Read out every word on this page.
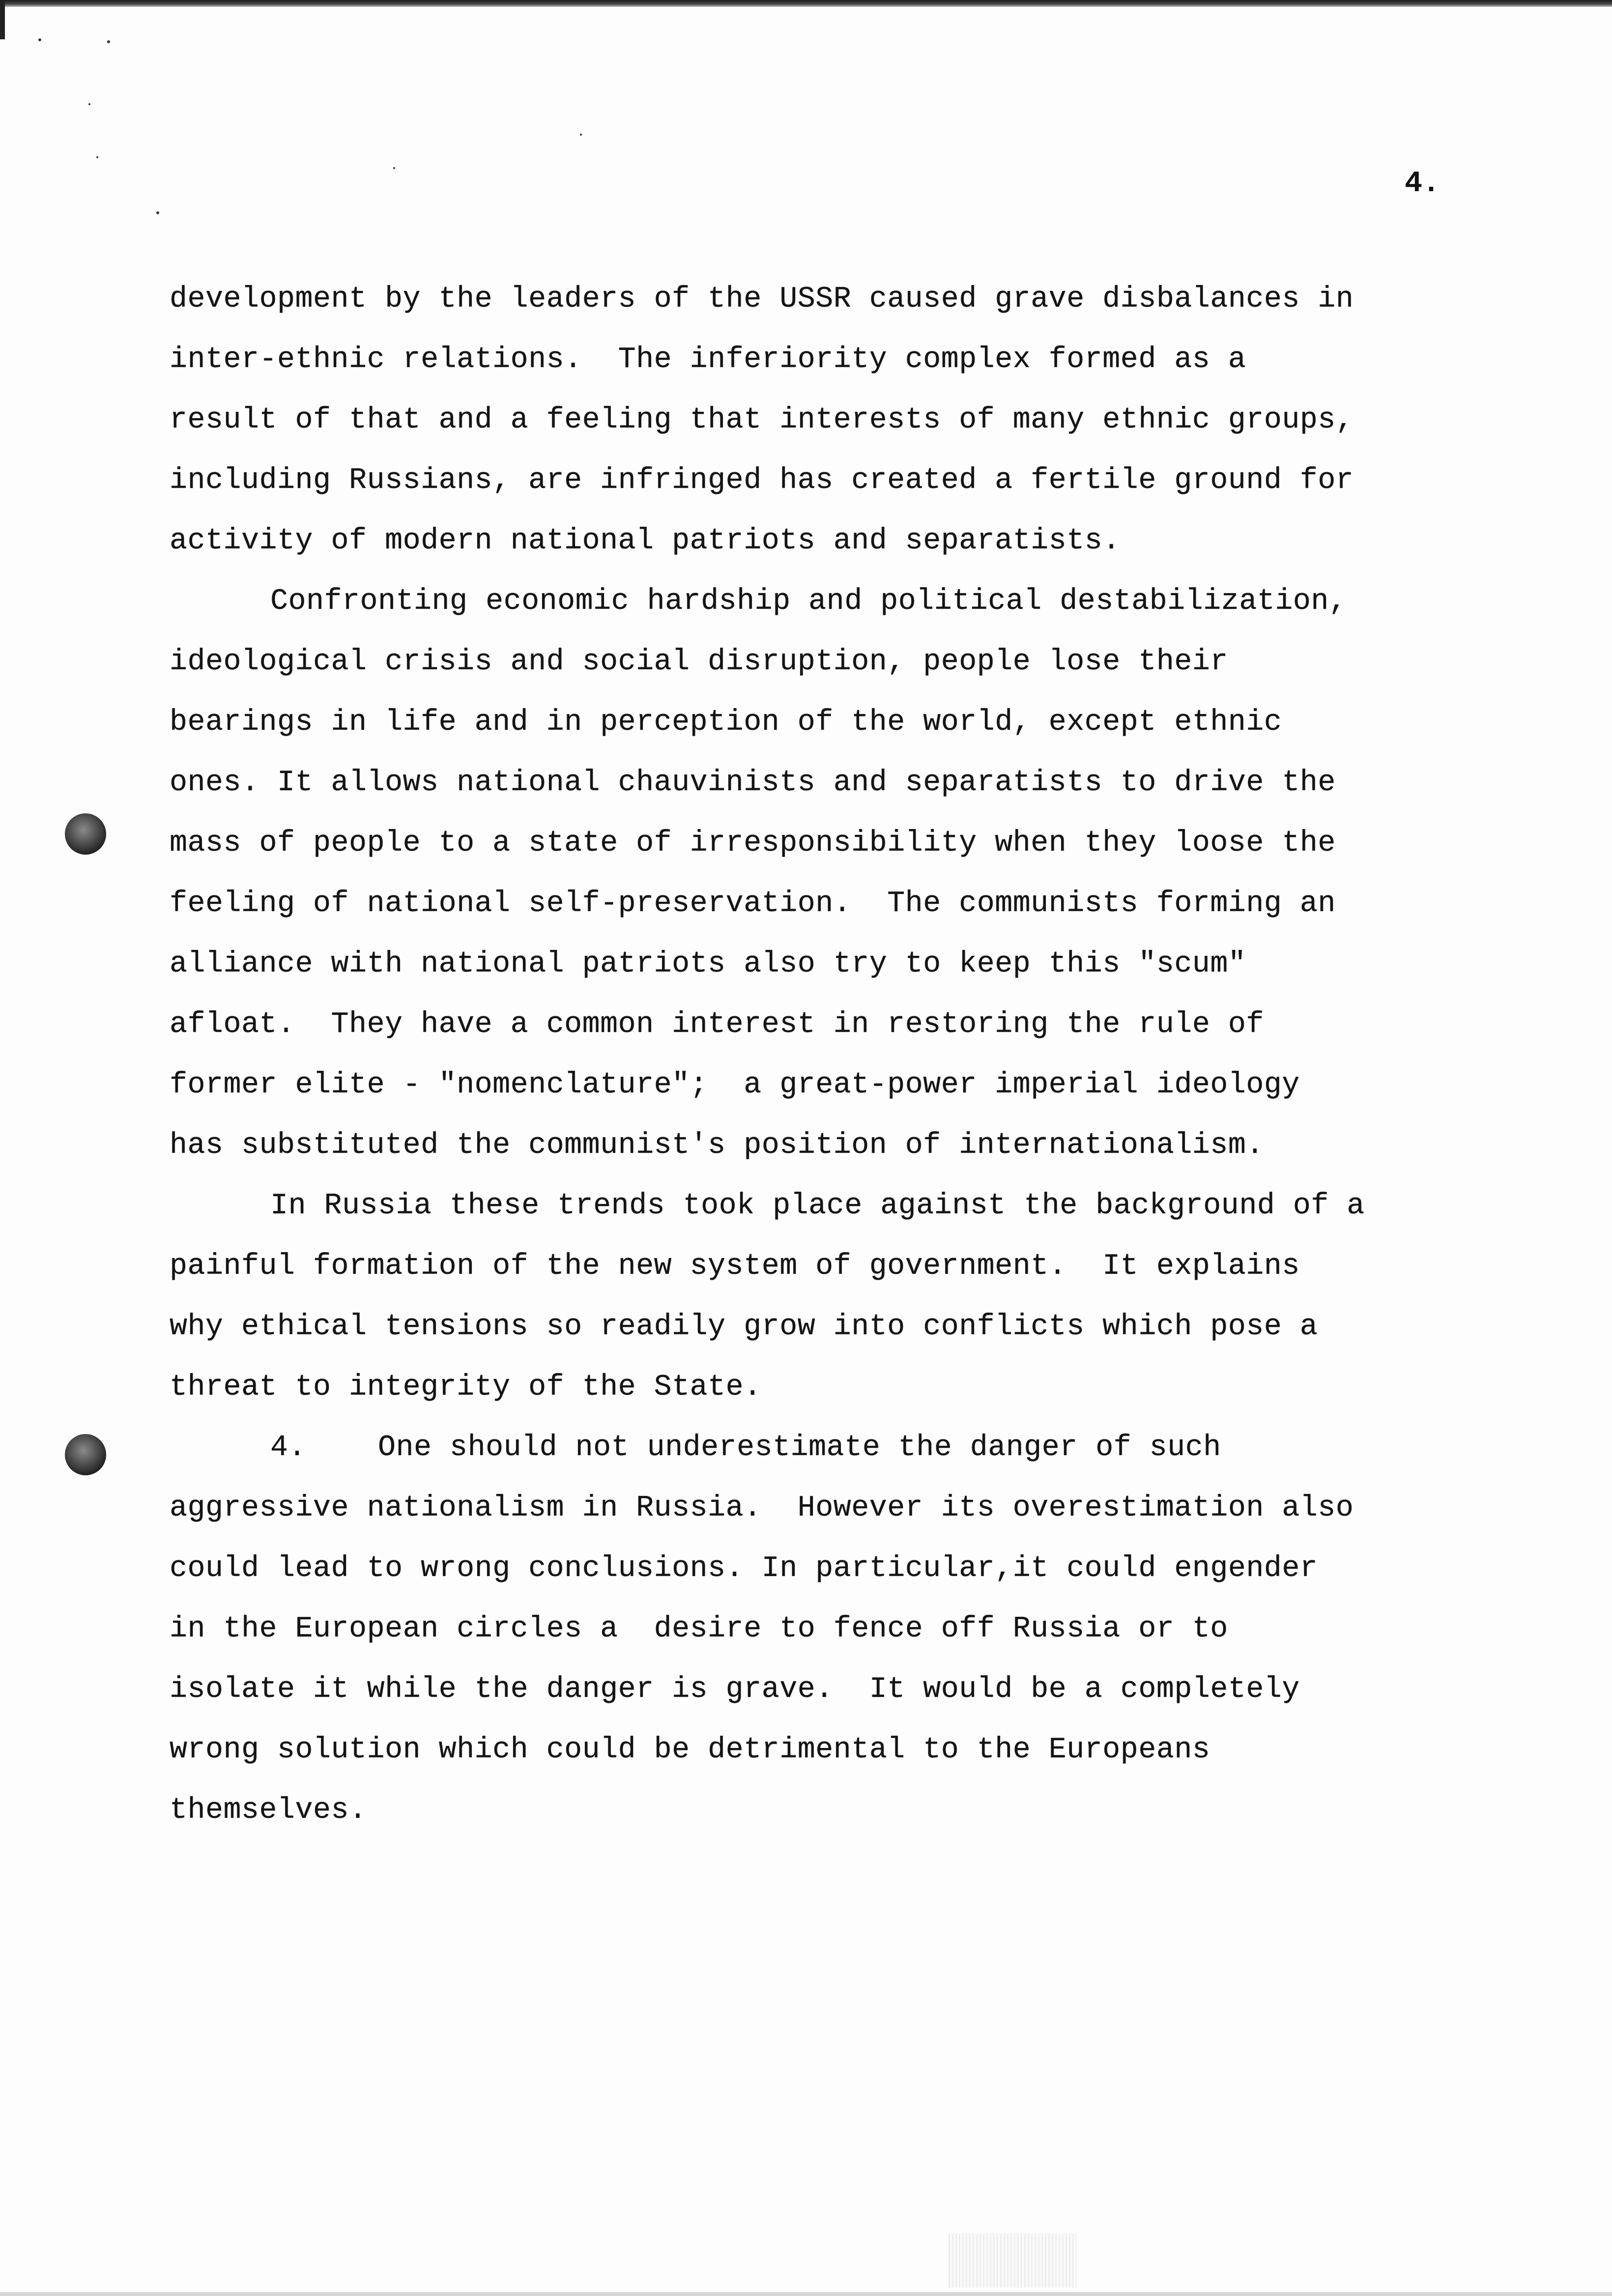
4.
development by the leaders of the USSR caused grave disbalances in
inter-ethnic relations.  The inferiority complex formed as a
result of that and a feeling that interests of many ethnic groups,
including Russians, are infringed has created a fertile ground for
activity of modern national patriots and separatists.
Confronting economic hardship and political destabilization,
ideological crisis and social disruption, people lose their
bearings in life and in perception of the world, except ethnic
ones. It allows national chauvinists and separatists to drive the
mass of people to a state of irresponsibility when they loose the
feeling of national self-preservation.  The communists forming an
alliance with national patriots also try to keep this "scum"
afloat.  They have a common interest in restoring the rule of
former elite - "nomenclature";  a great-power imperial ideology
has substituted the communist's position of internationalism.
In Russia these trends took place against the background of a
painful formation of the new system of government.  It explains
why ethical tensions so readily grow into conflicts which pose a
threat to integrity of the State.
4.    One should not underestimate the danger of such
aggressive nationalism in Russia.  However its overestimation also
could lead to wrong conclusions. In particular,it could engender
in the European circles a  desire to fence off Russia or to
isolate it while the danger is grave.  It would be a completely
wrong solution which could be detrimental to the Europeans
themselves.
